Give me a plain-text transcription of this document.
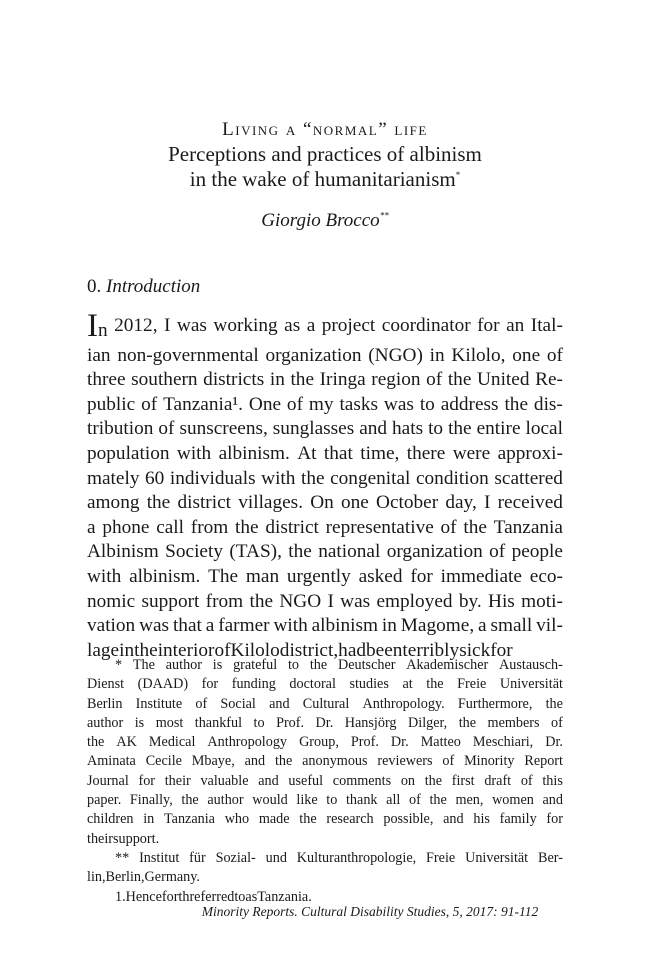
Living a “normal” life
Perceptions and practices of albinism
in the wake of humanitarianism*
Giorgio Brocco**
0. Introduction
In 2012, I was working as a project coordinator for an Ital-
ian non-governmental organization (NGO) in Kilolo, one of
three southern districts in the Iringa region of the United Re-
public of Tanzania¹. One of my tasks was to address the dis-
tribution of sunscreens, sunglasses and hats to the entire local
population with albinism. At that time, there were approxi-
mately 60 individuals with the congenital condition scattered
among the district villages. On one October day, I received
a phone call from the district representative of the Tanzania
Albinism Society (TAS), the national organization of people
with albinism. The man urgently asked for immediate eco-
nomic support from the NGO I was employed by. His moti-
vation was that a farmer with albinism in Magome, a small vil-
lage in the interior of Kilolo district, had been terribly sick for
* The author is grateful to the Deutscher Akademischer Austausch-
Dienst (DAAD) for funding doctoral studies at the Freie Universität
Berlin Institute of Social and Cultural Anthropology. Furthermore, the
author is most thankful to Prof. Dr. Hansjörg Dilger, the members of
the AK Medical Anthropology Group, Prof. Dr. Matteo Meschiari, Dr.
Aminata Cecile Mbaye, and the anonymous reviewers of Minority Report
Journal for their valuable and useful comments on the first draft of this
paper. Finally, the author would like to thank all of the men, women and
children in Tanzania who made the research possible, and his family for
their support.
** Institut für Sozial- und Kulturanthropologie, Freie Universität Ber-
lin, Berlin, Germany.
1. Henceforth referred to as Tanzania.
Minority Reports. Cultural Disability Studies, 5, 2017: 91-112
